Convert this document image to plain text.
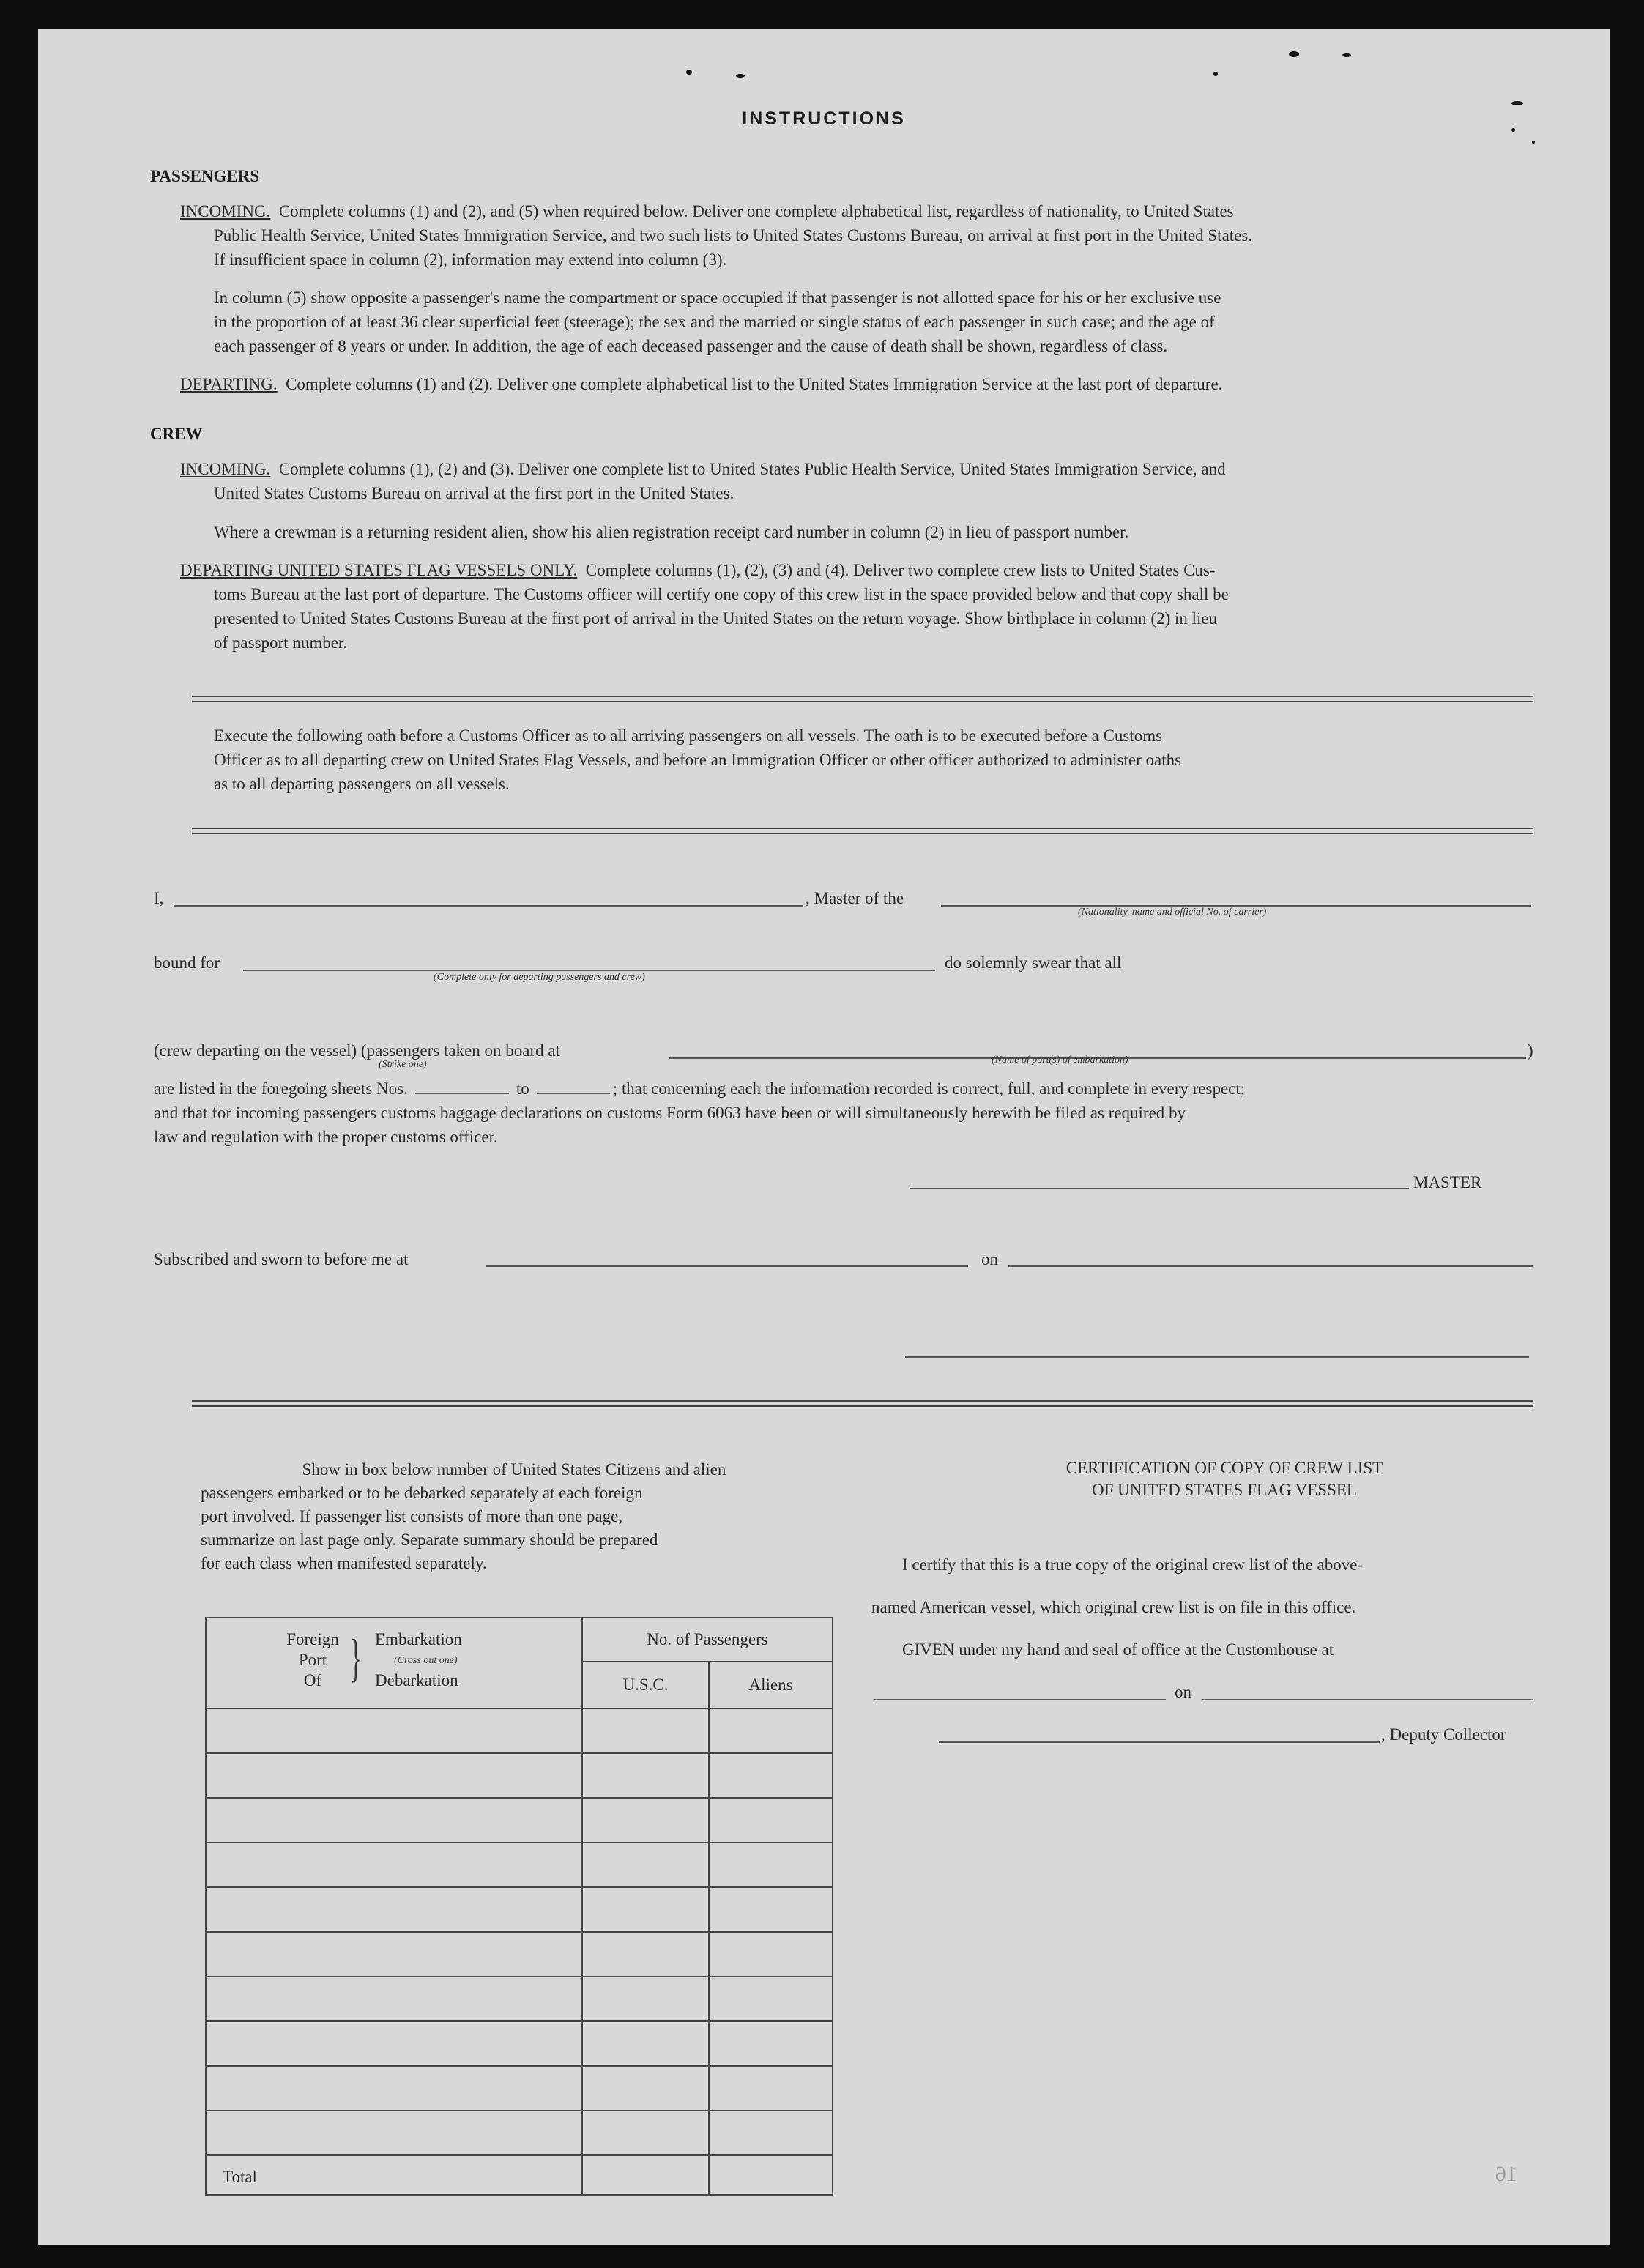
INSTRUCTIONS
PASSENGERS
INCOMING. Complete columns (1) and (2), and (5) when required below. Deliver one complete alphabetical list, regardless of nationality, to United States
Public Health Service, United States Immigration Service, and two such lists to United States Customs Bureau, on arrival at first port in the United States.
If insufficient space in column (2), information may extend into column (3).
In column (5) show opposite a passenger's name the compartment or space occupied if that passenger is not allotted space for his or her exclusive use
in the proportion of at least 36 clear superficial feet (steerage); the sex and the married or single status of each passenger in such case; and the age of
each passenger of 8 years or under. In addition, the age of each deceased passenger and the cause of death shall be shown, regardless of class.
DEPARTING. Complete columns (1) and (2). Deliver one complete alphabetical list to the United States Immigration Service at the last port of departure.
CREW
INCOMING. Complete columns (1), (2) and (3). Deliver one complete list to United States Public Health Service, United States Immigration Service, and
United States Customs Bureau on arrival at the first port in the United States.
Where a crewman is a returning resident alien, show his alien registration receipt card number in column (2) in lieu of passport number.
DEPARTING UNITED STATES FLAG VESSELS ONLY. Complete columns (1), (2), (3) and (4). Deliver two complete crew lists to United States Cus-
toms Bureau at the last port of departure. The Customs officer will certify one copy of this crew list in the space provided below and that copy shall be
presented to United States Customs Bureau at the first port of arrival in the United States on the return voyage. Show birthplace in column (2) in lieu
of passport number.
Execute the following oath before a Customs Officer as to all arriving passengers on all vessels. The oath is to be executed before a Customs
Officer as to all departing crew on United States Flag Vessels, and before an Immigration Officer or other officer authorized to administer oaths
as to all departing passengers on all vessels.
I,	, Master of the
(Nationality, name and official No. of carrier)
bound for
(Complete only for departing passengers and crew)
do solemnly swear that all
(crew departing on the vessel) (passengers taken on board at	)
(Strike one)	(Name of port(s) of embarkation)
are listed in the foregoing sheets Nos.	to	; that concerning each the information recorded is correct, full, and complete in every respect;
and that for incoming passengers customs baggage declarations on customs Form 6063 have been or will simultaneously herewith be filed as required by
law and regulation with the proper customs officer.
MASTER
Subscribed and sworn to before me at	on
Show in box below number of United States Citizens and alien
passengers embarked or to be debarked separately at each foreign
port involved. If passenger list consists of more than one page,
summarize on last page only. Separate summary should be prepared
for each class when manifested separately.
Foreign
Port
Of } Embarkation
(Cross out one)
Debarkation
No. of Passengers
U.S.C.	Aliens
Total
CERTIFICATION OF COPY OF CREW LIST
OF UNITED STATES FLAG VESSEL
I certify that this is a true copy of the original crew list of the above-
named American vessel, which original crew list is on file in this office.
GIVEN under my hand and seal of office at the Customhouse at
on
, Deputy Collector
16
